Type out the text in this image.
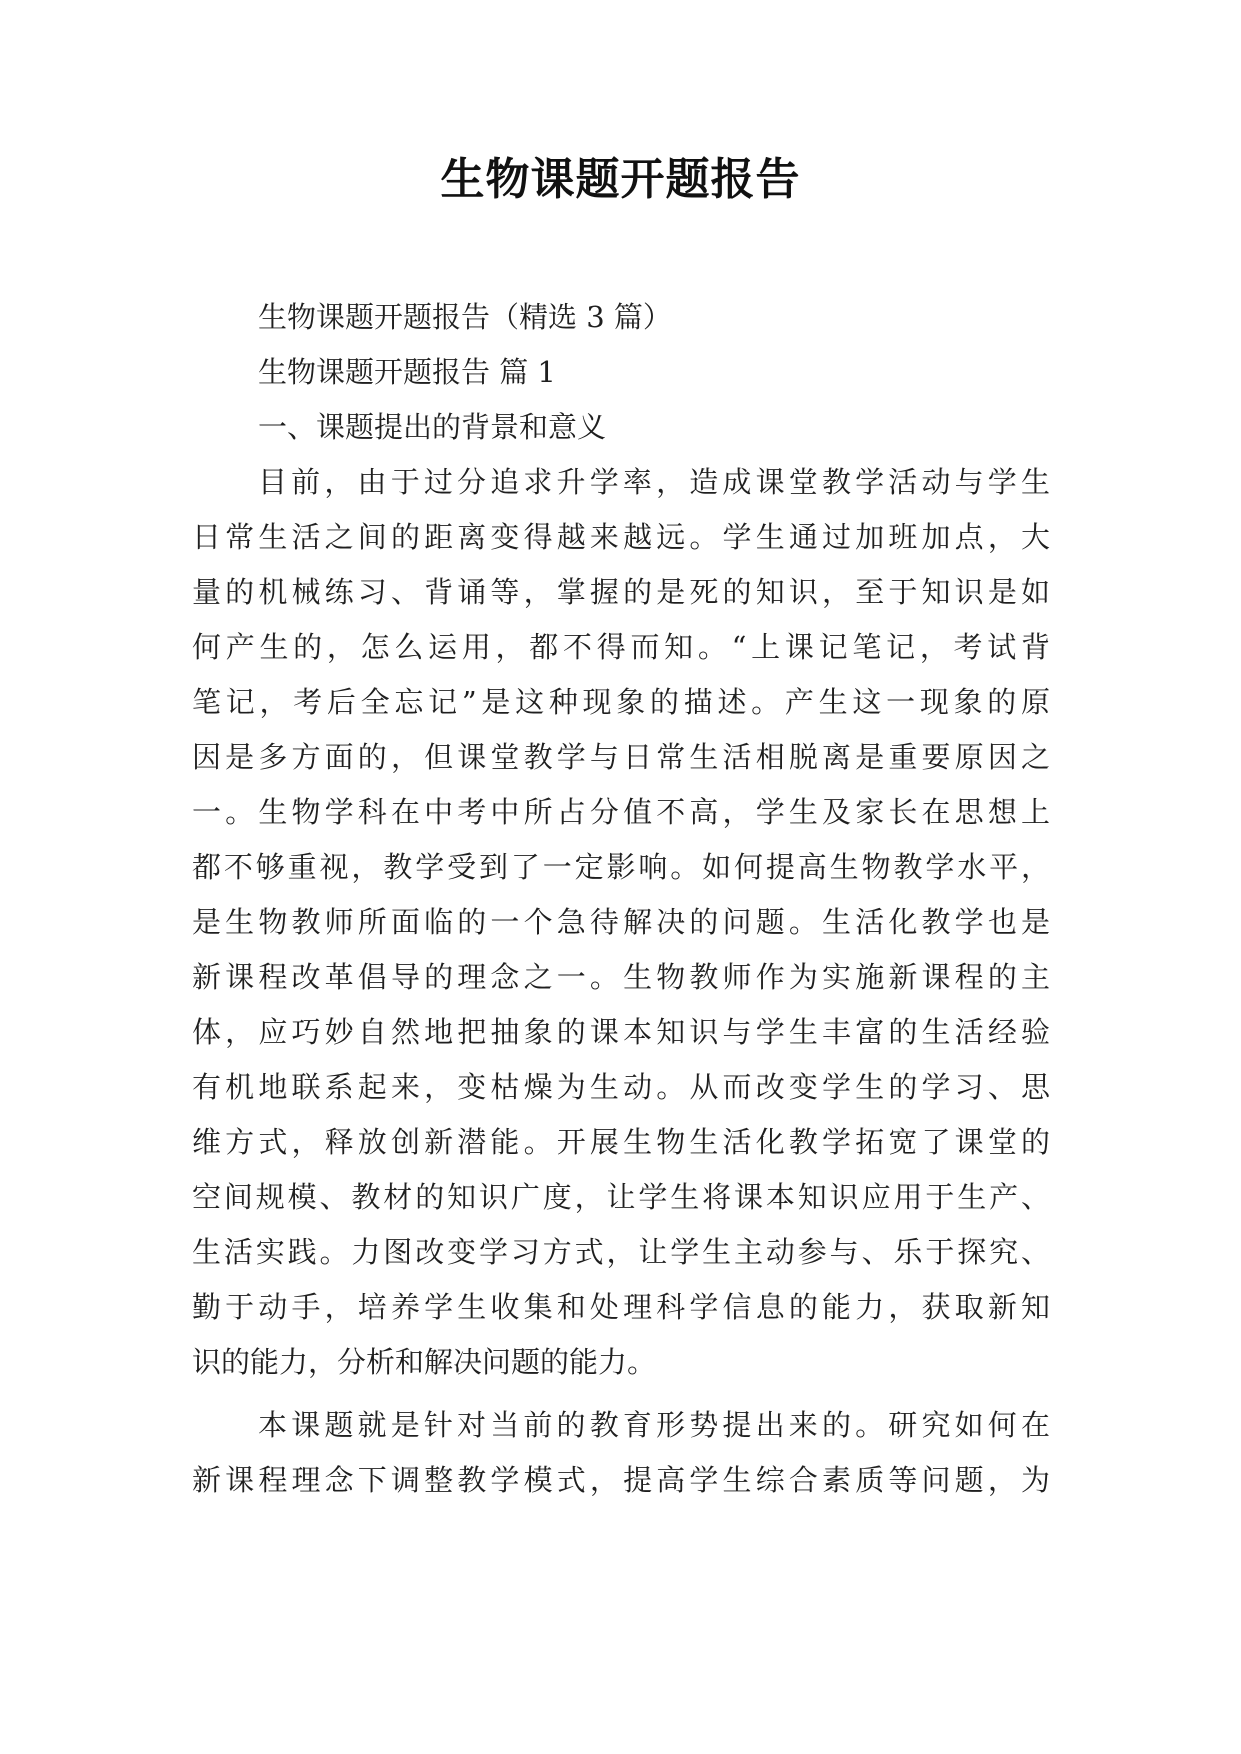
生物课题开题报告

生物课题开题报告（精选 3 篇）

生物课题开题报告 篇 1

一、课题提出的背景和意义

目前，由于过分追求升学率，造成课堂教学活动与学生

日常生活之间的距离变得越来越远。学生通过加班加点，大

量的机械练习、背诵等，掌握的是死的知识，至于知识是如

何产生的，怎么运用，都不得而知。“上课记笔记，考试背

笔记，考后全忘记”是这种现象的描述。产生这一现象的原

因是多方面的，但课堂教学与日常生活相脱离是重要原因之

一。生物学科在中考中所占分值不高，学生及家长在思想上

都不够重视，教学受到了一定影响。如何提高生物教学水平，

是生物教师所面临的一个急待解决的问题。生活化教学也是

新课程改革倡导的理念之一。生物教师作为实施新课程的主

体，应巧妙自然地把抽象的课本知识与学生丰富的生活经验

有机地联系起来，变枯燥为生动。从而改变学生的学习、思

维方式，释放创新潜能。开展生物生活化教学拓宽了课堂的

空间规模、教材的知识广度，让学生将课本知识应用于生产、

生活实践。力图改变学习方式，让学生主动参与、乐于探究、

勤于动手，培养学生收集和处理科学信息的能力，获取新知

识的能力，分析和解决问题的能力。

本课题就是针对当前的教育形势提出来的。研究如何在

新课程理念下调整教学模式，提高学生综合素质等问题，为
